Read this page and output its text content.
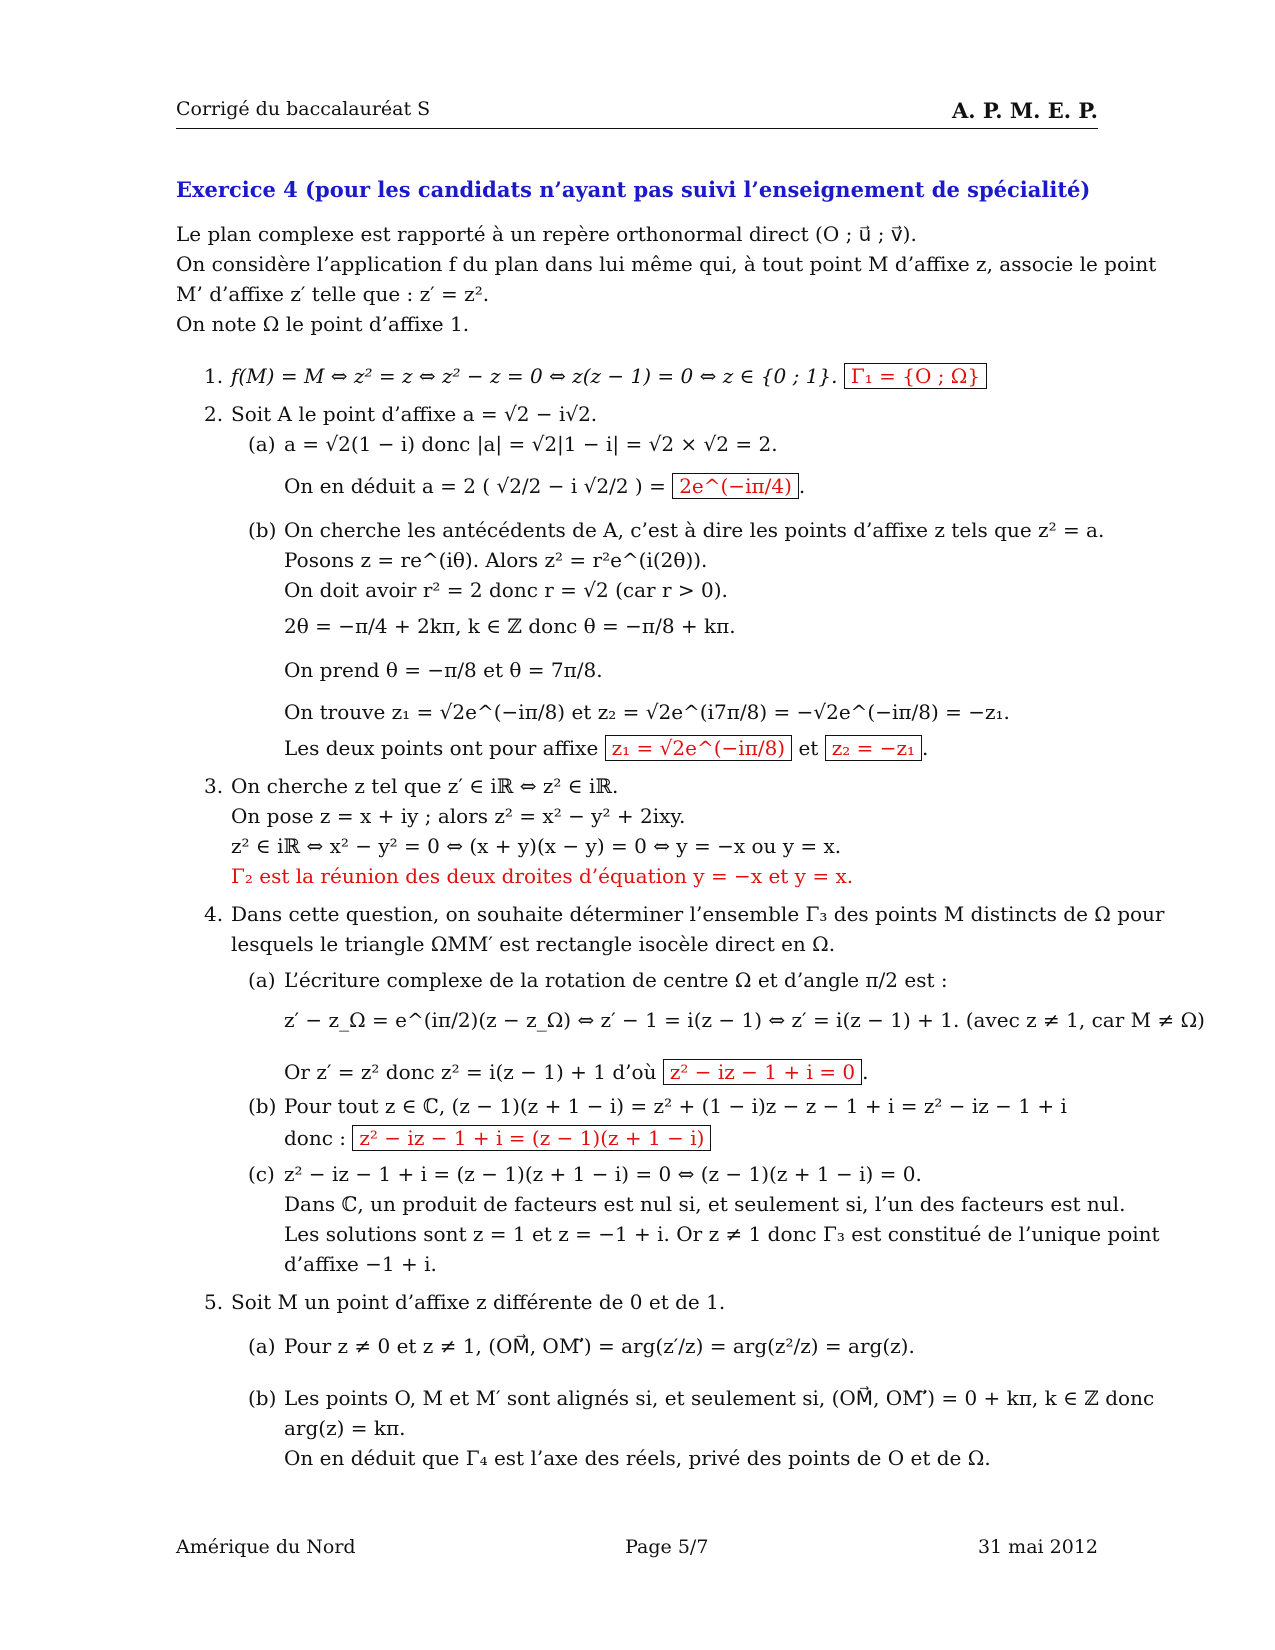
Corrigé du baccalauréat S	A. P. M. E. P.
Exercice 4 (pour les candidats n’ayant pas suivi l’enseignement de spécialité)
Le plan complexe est rapporté à un repère orthonormal direct (O ; u⃗ ; v⃗).
On considère l’application f du plan dans lui même qui, à tout point M d’affixe z, associe le point
M’ d’affixe z′ telle que : z′ = z².
On note Ω le point d’affixe 1.
1. f(M) = M ⇔ z² = z ⇔ z² − z = 0 ⇔ z(z − 1) = 0 ⇔ z ∈ {0 ; 1}. Γ₁ = {O ; Ω}
2. Soit A le point d’affixe a = √2 − i√2.
(a) a = √2(1 − i) donc |a| = √2|1 − i| = √2 × √2 = 2.
On en déduit a = 2 ( √2/2 − i √2/2 ) = 2e^(−iπ/4) .
(b) On cherche les antécédents de A, c’est à dire les points d’affixe z tels que z² = a.
Posons z = re^(iθ). Alors z² = r²e^(i(2θ)).
On doit avoir r² = 2 donc r = √2 (car r > 0).
2θ = −π/4 + 2kπ, k ∈ ℤ donc θ = −π/8 + kπ.
On prend θ = −π/8 et θ = 7π/8.
On trouve z₁ = √2e^(−iπ/8) et z₂ = √2e^(i7π/8) = −√2e^(−iπ/8) = −z₁.
Les deux points ont pour affixe z₁ = √2e^(−iπ/8) et z₂ = −z₁ .
3. On cherche z tel que z′ ∈ iℝ ⇔ z² ∈ iℝ.
On pose z = x + iy ; alors z² = x² − y² + 2ixy.
z² ∈ iℝ ⇔ x² − y² = 0 ⇔ (x + y)(x − y) = 0 ⇔ y = −x ou y = x.
Γ₂ est la réunion des deux droites d’équation y = −x et y = x.
4. Dans cette question, on souhaite déterminer l’ensemble Γ₃ des points M distincts de Ω pour
lesquels le triangle ΩMM′ est rectangle isocèle direct en Ω.
(a) L’écriture complexe de la rotation de centre Ω et d’angle π/2 est :
z′ − z_Ω = e^(iπ/2)(z − z_Ω) ⇔ z′ − 1 = i(z − 1) ⇔ z′ = i(z − 1) + 1. (avec z ≠ 1, car M ≠ Ω)
Or z′ = z² donc z² = i(z − 1) + 1 d’où z² − iz − 1 + i = 0 .
(b) Pour tout z ∈ ℂ, (z − 1)(z + 1 − i) = z² + (1 − i)z − z − 1 + i = z² − iz − 1 + i
donc : z² − iz − 1 + i = (z − 1)(z + 1 − i)
(c) z² − iz − 1 + i = (z − 1)(z + 1 − i) = 0 ⇔ (z − 1)(z + 1 − i) = 0.
Dans ℂ, un produit de facteurs est nul si, et seulement si, l’un des facteurs est nul.
Les solutions sont z = 1 et z = −1 + i. Or z ≠ 1 donc Γ₃ est constitué de l’unique point
d’affixe −1 + i.
5. Soit M un point d’affixe z différente de 0 et de 1.
(a) Pour z ≠ 0 et z ≠ 1, (OM⃗, OM′⃗) = arg(z′/z) = arg(z²/z) = arg(z).
(b) Les points O, M et M′ sont alignés si, et seulement si, (OM⃗, OM′⃗) = 0 + kπ, k ∈ ℤ donc
arg(z) = kπ.
On en déduit que Γ₄ est l’axe des réels, privé des points de O et de Ω.
Amérique du Nord	Page 5/7	31 mai 2012
